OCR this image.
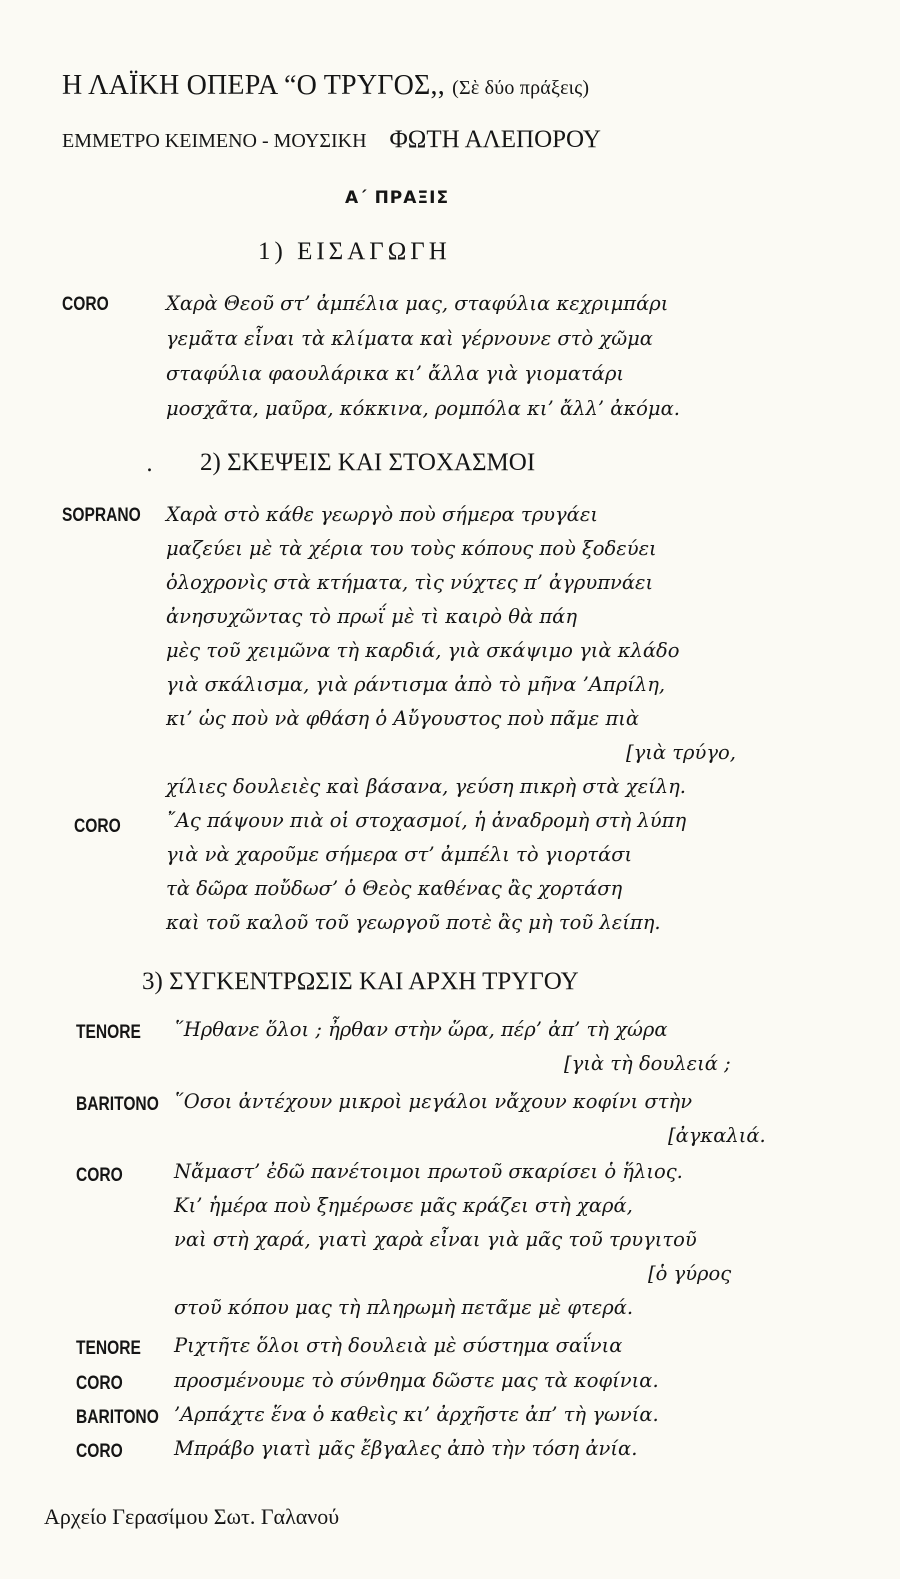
Η ΛΑΪΚΗ ΟΠΕΡΑ “Ο ΤΡΥΓΟΣ,, (Σὲ δύο πράξεις)
ΕΜΜΕΤΡΟ ΚΕΙΜΕΝΟ - ΜΟΥΣΙΚΗ ΦΩΤΗ ΑΛΕΠΟΡΟΥ
Α΄ ΠΡΑΞΙΣ
1) ΕΙΣΑΓΩΓΗ
CORO	Χαρὰ Θεοῦ στ’ ἀμπέλια μας, σταφύλια κεχριμπάρι
γεμᾶτα εἶναι τὰ κλίματα καὶ γέρνουνε στὸ χῶμα
σταφύλια φαουλάρικα κι’ ἄλλα γιὰ γιοματάρι
μοσχᾶτα, μαῦρα, κόκκινα, ρομπόλα κι’ ἄλλ’ ἀκόμα.
. 2) ΣΚΕΨΕΙΣ ΚΑΙ ΣΤΟΧΑΣΜΟΙ
SOPRANO Χαρὰ στὸ κάθε γεωργὸ ποὺ σήμερα τρυγάει
μαζεύει μὲ τὰ χέρια του τοὺς κόπους ποὺ ξοδεύει
ὁλοχρονὶς στὰ κτήματα, τὶς νύχτες π’ ἀγρυπνάει
ἀνησυχῶντας τὸ πρωΐ μὲ τὶ καιρὸ θὰ πάη
μὲς τοῦ χειμῶνα τὴ καρδιά, γιὰ σκάψιμο γιὰ κλάδο
γιὰ σκάλισμα, γιὰ ράντισμα ἀπὸ τὸ μῆνα ’Απρίλη,
κι’ ὡς ποὺ νὰ φθάση ὁ Αὔγουστος ποὺ πᾶμε πιὰ
[γιὰ τρύγο,
χίλιες δουλειὲς καὶ βάσανα, γεύση πικρὴ στὰ χείλη.
CORO ῎Ας πάψουν πιὰ οἱ στοχασμοί, ἡ ἀναδρομὴ στὴ λύπη
γιὰ νὰ χαροῦμε σήμερα στ’ ἀμπέλι τὸ γιορτάσι
τὰ δῶρα ποὔδωσ’ ὁ Θεὸς καθένας ἂς χορτάση
καὶ τοῦ καλοῦ τοῦ γεωργοῦ ποτὲ ἂς μὴ τοῦ λείπη.
3) ΣΥΓΚΕΝΤΡΩΣΙΣ ΚΑΙ ΑΡΧΗ ΤΡΥΓΟΥ
TENORE ῞Ηρθανε ὅλοι ; ἦρθαν στὴν ὥρα, πέρ’ ἀπ’ τὴ χώρα
[γιὰ τὴ δουλειά ;
BARITONO ῞Οσοι ἀντέχουν μικροὶ μεγάλοι νἄχουν κοφίνι στὴν
[ἀγκαλιά.
CORO	Νἄμαστ’ ἐδῶ πανέτοιμοι πρωτοῦ σκαρίσει ὁ ἥλιος.
Κι’ ἡμέρα ποὺ ξημέρωσε μᾶς κράζει στὴ χαρά,
ναὶ στὴ χαρά, γιατὶ χαρὰ εἶναι γιὰ μᾶς τοῦ τρυγιτοῦ
[ὁ γύρος
στοῦ κόπου μας τὴ πληρωμὴ πετᾶμε μὲ φτερά.
TENORE Ριχτῆτε ὅλοι στὴ δουλειὰ μὲ σύστημα σαΐνια
CORO	προσμένουμε τὸ σύνθημα δῶστε μας τὰ κοφίνια.
BARITONO ’Αρπάχτε ἕνα ὁ καθεὶς κι’ ἀρχῆστε ἀπ’ τὴ γωνία.
CORO	Μπράβο γιατὶ μᾶς ἔβγαλες ἀπὸ τὴν τόση ἀνία.
Αρχείο Γερασίμου Σωτ. Γαλανού
